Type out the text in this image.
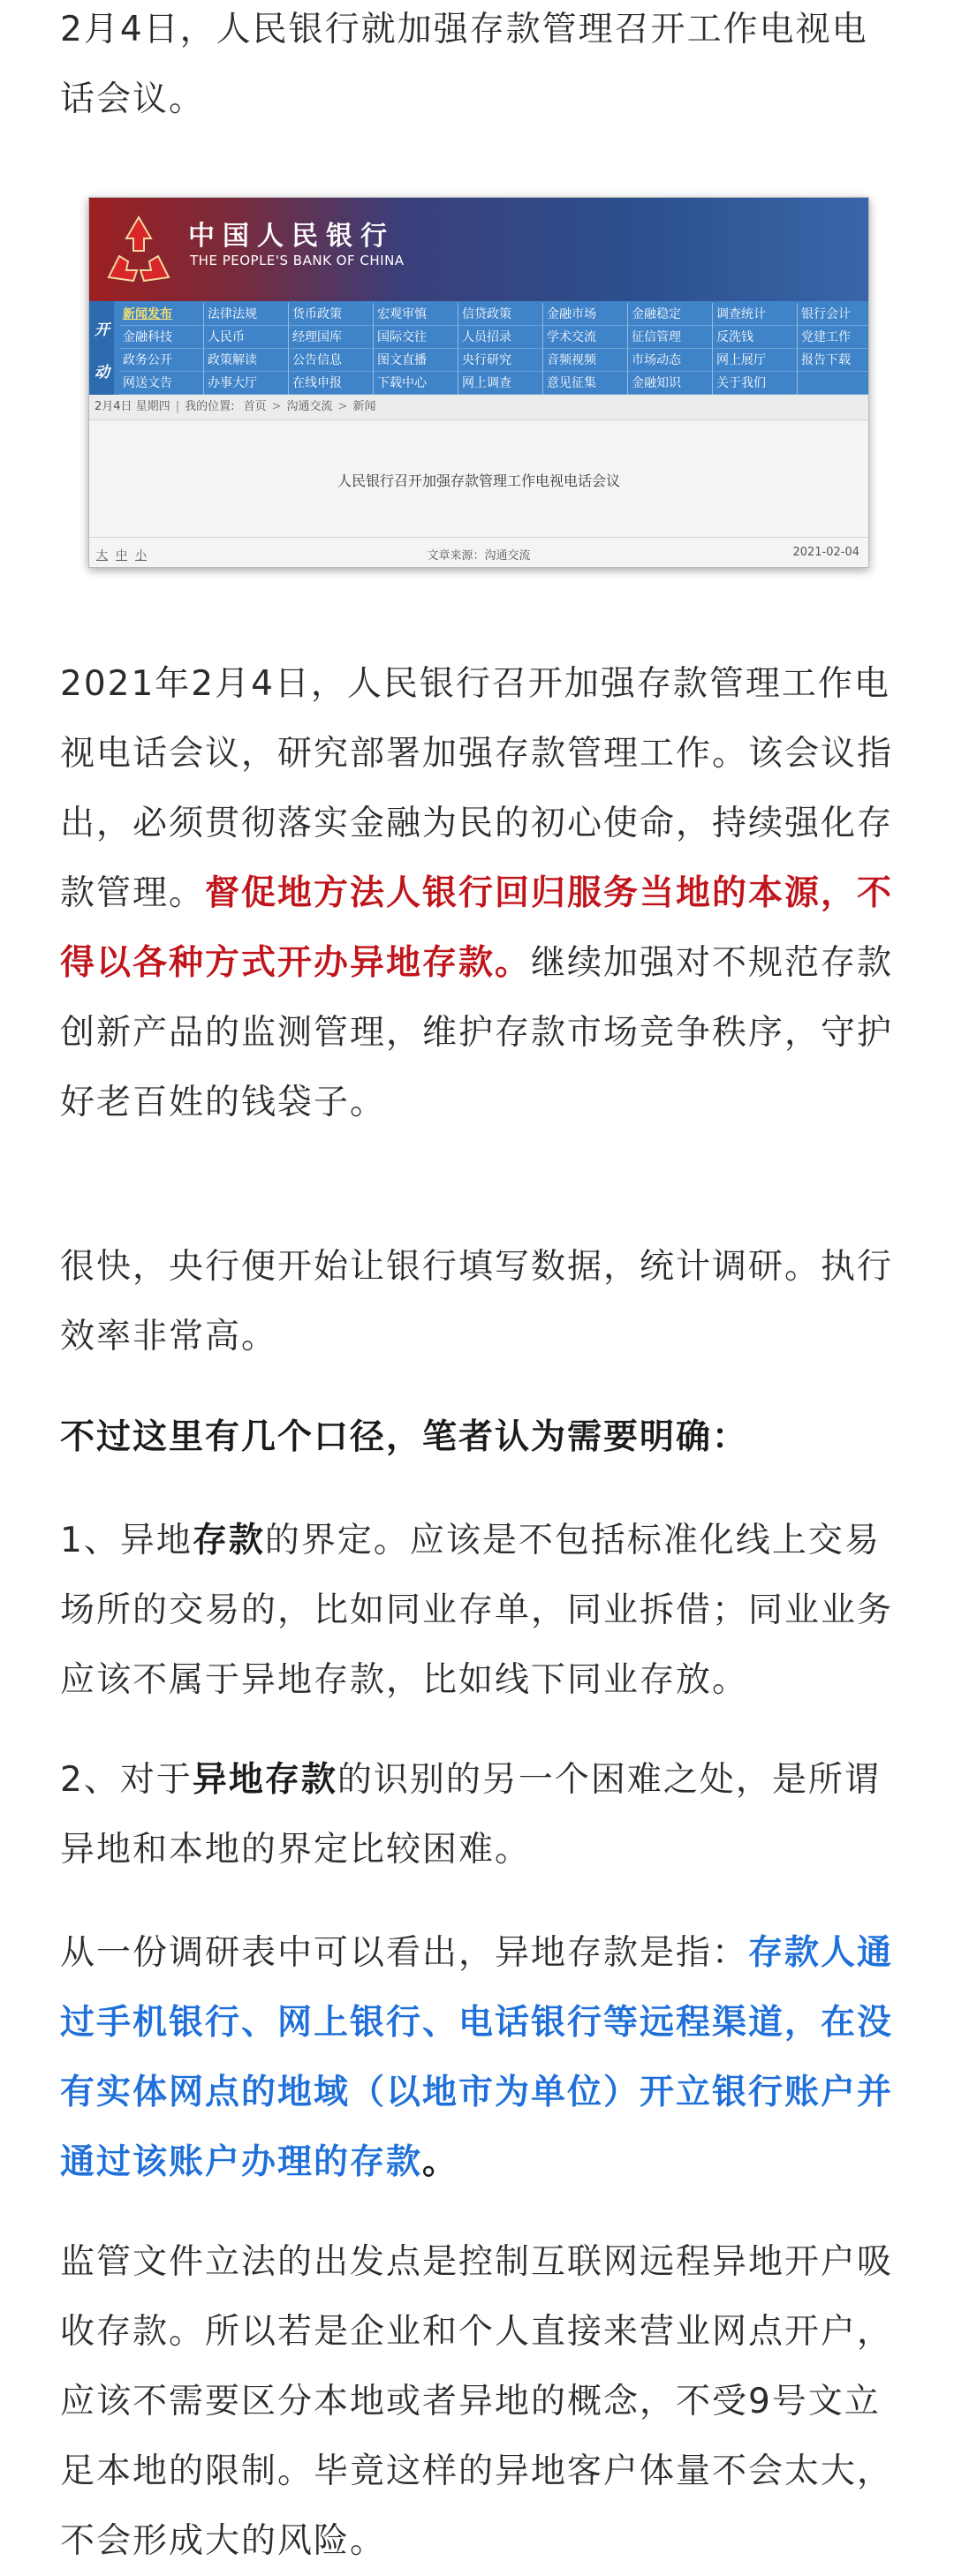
2月4日，人民银行就加强存款管理召开工作电视电话会议。

中国人民银行
THE PEOPLE'S BANK OF CHINA
开
动
新闻发布	法律法规	货币政策	宏观审慎	信贷政策	金融市场	金融稳定	调查统计	银行会计
金融科技	人民币	经理国库	国际交往	人员招录	学术交流	征信管理	反洗钱	党建工作
政务公开	政策解读	公告信息	图文直播	央行研究	音频视频	市场动态	网上展厅	报告下载
网送文告	办事大厅	在线申报	下载中心	网上调查	意见征集	金融知识	关于我们
2月4日 星期四 | 我的位置: 首页 > 沟通交流 > 新闻
人民银行召开加强存款管理工作电视电话会议
大 中 小	文章来源：沟通交流	2021-02-04

2021年2月4日，人民银行召开加强存款管理工作电视电话会议，研究部署加强存款管理工作。该会议指出，必须贯彻落实金融为民的初心使命，持续强化存款管理。督促地方法人银行回归服务当地的本源，不得以各种方式开办异地存款。继续加强对不规范存款创新产品的监测管理，维护存款市场竞争秩序，守护好老百姓的钱袋子。

很快，央行便开始让银行填写数据，统计调研。执行效率非常高。

不过这里有几个口径，笔者认为需要明确：

1、异地存款的界定。应该是不包括标准化线上交易场所的交易的，比如同业存单，同业拆借；同业业务应该不属于异地存款，比如线下同业存放。

2、对于异地存款的识别的另一个困难之处，是所谓异地和本地的界定比较困难。

从一份调研表中可以看出，异地存款是指：存款人通过手机银行、网上银行、电话银行等远程渠道，在没有实体网点的地域（以地市为单位）开立银行账户并通过该账户办理的存款。

监管文件立法的出发点是控制互联网远程异地开户吸收存款。所以若是企业和个人直接来营业网点开户，应该不需要区分本地或者异地的概念，不受9号文立足本地的限制。毕竟这样的异地客户体量不会太大，不会形成大的风险。
